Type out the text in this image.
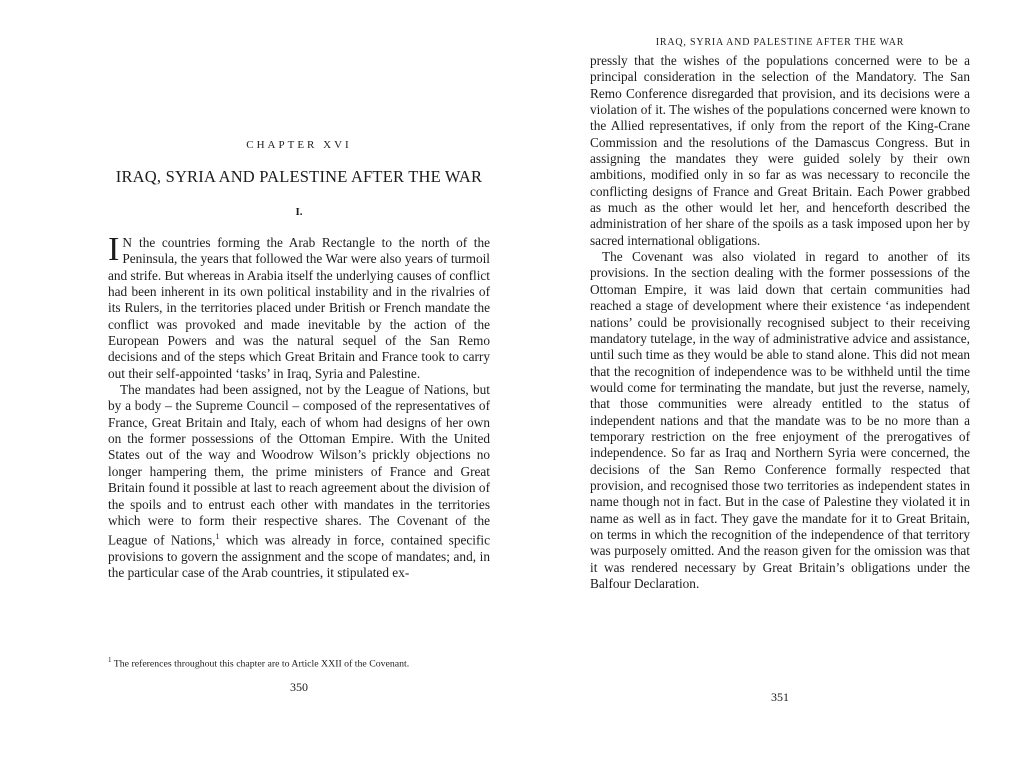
CHAPTER XVI
IRAQ, SYRIA AND PALESTINE AFTER THE WAR
I.

I N the countries forming the Arab Rectangle to the north of the Peninsula, the years that followed the War were also years of turmoil and strife. But whereas in Arabia itself the underlying causes of conflict had been inherent in its own political instability and in the rivalries of its Rulers, in the territories placed under British or French mandate the conflict was provoked and made inevitable by the action of the European Powers and was the natural sequel of the San Remo decisions and of the steps which Great Britain and France took to carry out their self-appointed ‘tasks’ in Iraq, Syria and Palestine.

The mandates had been assigned, not by the League of Nations, but by a body – the Supreme Council – composed of the representatives of France, Great Britain and Italy, each of whom had designs of her own on the former possessions of the Ottoman Empire. With the United States out of the way and Woodrow Wilson’s prickly objections no longer hampering them, the prime ministers of France and Great Britain found it possible at last to reach agreement about the division of the spoils and to entrust each other with mandates in the territories which were to form their respective shares. The Covenant of the League of Nations,$^1$ which was already in force, contained specific provisions to govern the assignment and the scope of mandates; and, in the particular case of the Arab countries, it stipulated ex-

$^1$ The references throughout this chapter are to Article XXII of the Covenant.

350

IRAQ, SYRIA AND PALESTINE AFTER THE WAR

pressly that the wishes of the populations concerned were to be a principal consideration in the selection of the Mandatory. The San Remo Conference disregarded that provision, and its decisions were a violation of it. The wishes of the populations concerned were known to the Allied representatives, if only from the report of the King-Crane Commission and the resolutions of the Damascus Congress. But in assigning the mandates they were guided solely by their own ambitions, modified only in so far as was necessary to reconcile the conflicting designs of France and Great Britain. Each Power grabbed as much as the other would let her, and henceforth described the administration of her share of the spoils as a task imposed upon her by sacred international obligations.

The Covenant was also violated in regard to another of its provisions. In the section dealing with the former possessions of the Ottoman Empire, it was laid down that certain communities had reached a stage of development where their existence ‘as independent nations’ could be provisionally recognised subject to their receiving mandatory tutelage, in the way of administrative advice and assistance, until such time as they would be able to stand alone. This did not mean that the recognition of independence was to be withheld until the time would come for terminating the mandate, but just the reverse, namely, that those communities were already entitled to the status of independent nations and that the mandate was to be no more than a temporary restriction on the free enjoyment of the prerogatives of independence. So far as Iraq and Northern Syria were concerned, the decisions of the San Remo Conference formally respected that provision, and recognised those two territories as independent states in name though not in fact. But in the case of Palestine they violated it in name as well as in fact. They gave the mandate for it to Great Britain, on terms in which the recognition of the independence of that territory was purposely omitted. And the reason given for the omission was that it was rendered necessary by Great Britain’s obligations under the Balfour Declaration.

351
